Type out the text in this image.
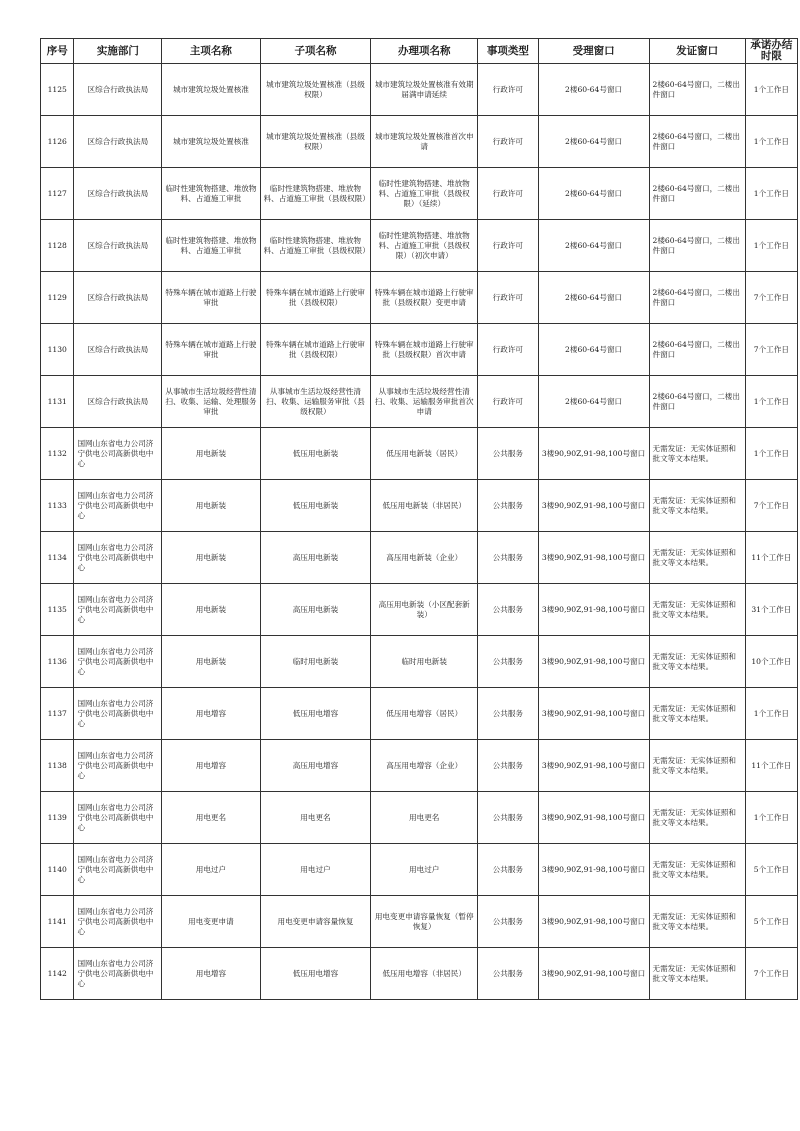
序号	实施部门	主项名称	子项名称	办理项名称	事项类型	受理窗口	发证窗口	承诺办结时限
1125	区综合行政执法局	城市建筑垃圾处置核准	城市建筑垃圾处置核准（县级权限）	城市建筑垃圾处置核准有效期届满申请延续	行政许可	2楼60-64号窗口	2楼60-64号窗口，二楼出件窗口	1个工作日
1126	区综合行政执法局	城市建筑垃圾处置核准	城市建筑垃圾处置核准（县级权限）	城市建筑垃圾处置核准首次申请	行政许可	2楼60-64号窗口	2楼60-64号窗口，二楼出件窗口	1个工作日
1127	区综合行政执法局	临时性建筑物搭建、堆放物料、占道施工审批	临时性建筑物搭建、堆放物料、占道施工审批（县级权限）	临时性建筑物搭建、堆放物料、占道施工审批（县级权限）（延续）	行政许可	2楼60-64号窗口	2楼60-64号窗口，二楼出件窗口	1个工作日
1128	区综合行政执法局	临时性建筑物搭建、堆放物料、占道施工审批	临时性建筑物搭建、堆放物料、占道施工审批（县级权限）	临时性建筑物搭建、堆放物料、占道施工审批（县级权限）（初次申请）	行政许可	2楼60-64号窗口	2楼60-64号窗口，二楼出件窗口	1个工作日
1129	区综合行政执法局	特殊车辆在城市道路上行驶审批	特殊车辆在城市道路上行驶审批（县级权限）	特殊车辆在城市道路上行驶审批（县级权限）变更申请	行政许可	2楼60-64号窗口	2楼60-64号窗口，二楼出件窗口	7个工作日
1130	区综合行政执法局	特殊车辆在城市道路上行驶审批	特殊车辆在城市道路上行驶审批（县级权限）	特殊车辆在城市道路上行驶审批（县级权限）首次申请	行政许可	2楼60-64号窗口	2楼60-64号窗口，二楼出件窗口	7个工作日
1131	区综合行政执法局	从事城市生活垃圾经营性清扫、收集、运输、处理服务审批	从事城市生活垃圾经营性清扫、收集、运输服务审批（县级权限）	从事城市生活垃圾经营性清扫、收集、运输服务审批首次申请	行政许可	2楼60-64号窗口	2楼60-64号窗口，二楼出件窗口	1个工作日
1132	国网山东省电力公司济宁供电公司高新供电中心	用电新装	低压用电新装	低压用电新装（居民）	公共服务	3楼90,90Z,91-98,100号窗口	无需发证：无实体证照和批文等文本结果。	1个工作日
1133	国网山东省电力公司济宁供电公司高新供电中心	用电新装	低压用电新装	低压用电新装（非居民）	公共服务	3楼90,90Z,91-98,100号窗口	无需发证：无实体证照和批文等文本结果。	7个工作日
1134	国网山东省电力公司济宁供电公司高新供电中心	用电新装	高压用电新装	高压用电新装（企业）	公共服务	3楼90,90Z,91-98,100号窗口	无需发证：无实体证照和批文等文本结果。	11个工作日
1135	国网山东省电力公司济宁供电公司高新供电中心	用电新装	高压用电新装	高压用电新装（小区配套新装）	公共服务	3楼90,90Z,91-98,100号窗口	无需发证：无实体证照和批文等文本结果。	31个工作日
1136	国网山东省电力公司济宁供电公司高新供电中心	用电新装	临时用电新装	临时用电新装	公共服务	3楼90,90Z,91-98,100号窗口	无需发证：无实体证照和批文等文本结果。	10个工作日
1137	国网山东省电力公司济宁供电公司高新供电中心	用电增容	低压用电增容	低压用电增容（居民）	公共服务	3楼90,90Z,91-98,100号窗口	无需发证：无实体证照和批文等文本结果。	1个工作日
1138	国网山东省电力公司济宁供电公司高新供电中心	用电增容	高压用电增容	高压用电增容（企业）	公共服务	3楼90,90Z,91-98,100号窗口	无需发证：无实体证照和批文等文本结果。	11个工作日
1139	国网山东省电力公司济宁供电公司高新供电中心	用电更名	用电更名	用电更名	公共服务	3楼90,90Z,91-98,100号窗口	无需发证：无实体证照和批文等文本结果。	1个工作日
1140	国网山东省电力公司济宁供电公司高新供电中心	用电过户	用电过户	用电过户	公共服务	3楼90,90Z,91-98,100号窗口	无需发证：无实体证照和批文等文本结果。	5个工作日
1141	国网山东省电力公司济宁供电公司高新供电中心	用电变更申请	用电变更申请容量恢复	用电变更申请容量恢复（暂停恢复）	公共服务	3楼90,90Z,91-98,100号窗口	无需发证：无实体证照和批文等文本结果。	5个工作日
1142	国网山东省电力公司济宁供电公司高新供电中心	用电增容	低压用电增容	低压用电增容（非居民）	公共服务	3楼90,90Z,91-98,100号窗口	无需发证：无实体证照和批文等文本结果。	7个工作日
